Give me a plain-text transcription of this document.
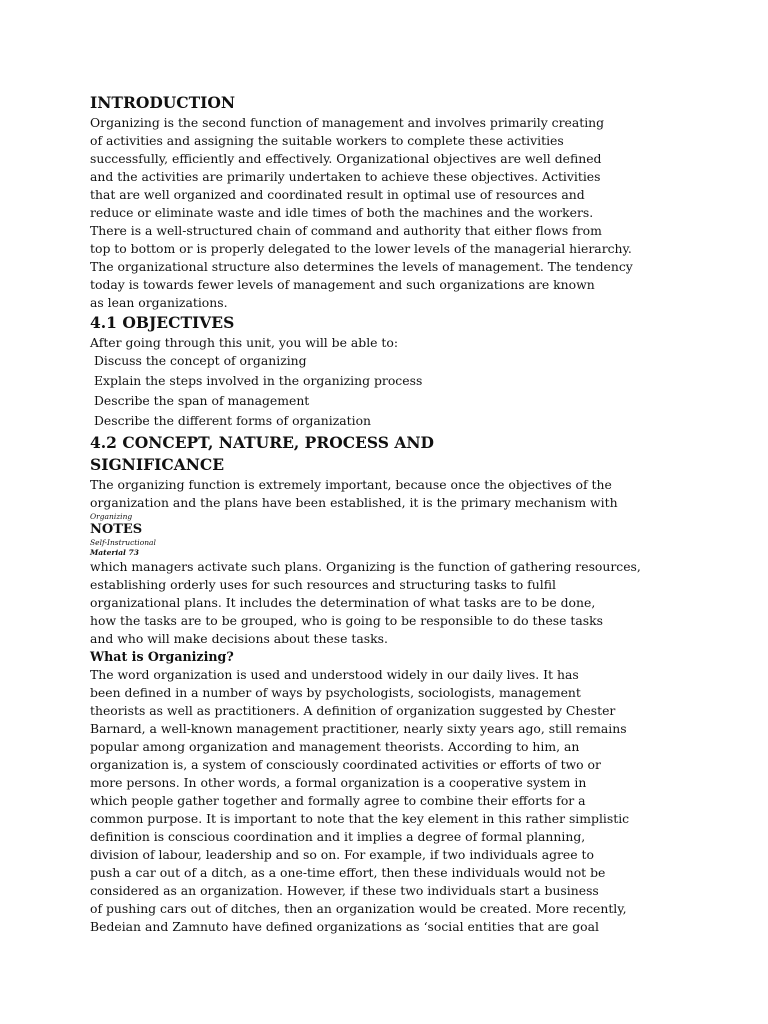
INTRODUCTION

Organizing is the second function of management and involves primarily creating

of activities and assigning the suitable workers to complete these activities

successfully, efficiently and effectively. Organizational objectives are well defined

and the activities are primarily undertaken to achieve these objectives. Activities

that are well organized and coordinated result in optimal use of resources and

reduce or eliminate waste and idle times of both the machines and the workers.

There is a well-structured chain of command and authority that either flows from

top to bottom or is properly delegated to the lower levels of the managerial hierarchy.

The organizational structure also determines the levels of management. The tendency

today is towards fewer levels of management and such organizations are known

as lean organizations.

4.1 OBJECTIVES

After going through this unit, you will be able to:

Discuss the concept of organizing

Explain the steps involved in the organizing process

Describe the span of management

Describe the different forms of organization

4.2 CONCEPT, NATURE, PROCESS AND

SIGNIFICANCE

The organizing function is extremely important, because once the objectives of the

organization and the plans have been established, it is the primary mechanism with

Organizing

NOTES

Self-Instructional

Material 73

which managers activate such plans. Organizing is the function of gathering resources,

establishing orderly uses for such resources and structuring tasks to fulfil

organizational plans. It includes the determination of what tasks are to be done,

how the tasks are to be grouped, who is going to be responsible to do these tasks

and who will make decisions about these tasks.

What is Organizing?

The word organization is used and understood widely in our daily lives. It has

been defined in a number of ways by psychologists, sociologists, management

theorists as well as practitioners. A definition of organization suggested by Chester

Barnard, a well-known management practitioner, nearly sixty years ago, still remains

popular among organization and management theorists. According to him, an

organization is, a system of consciously coordinated activities or efforts of two or

more persons. In other words, a formal organization is a cooperative system in

which people gather together and formally agree to combine their efforts for a

common purpose. It is important to note that the key element in this rather simplistic

definition is conscious coordination and it implies a degree of formal planning,

division of labour, leadership and so on. For example, if two individuals agree to

push a car out of a ditch, as a one-time effort, then these individuals would not be

considered as an organization. However, if these two individuals start a business

of pushing cars out of ditches, then an organization would be created. More recently,

Bedeian and Zamnuto have defined organizations as ‘social entities that are goal
